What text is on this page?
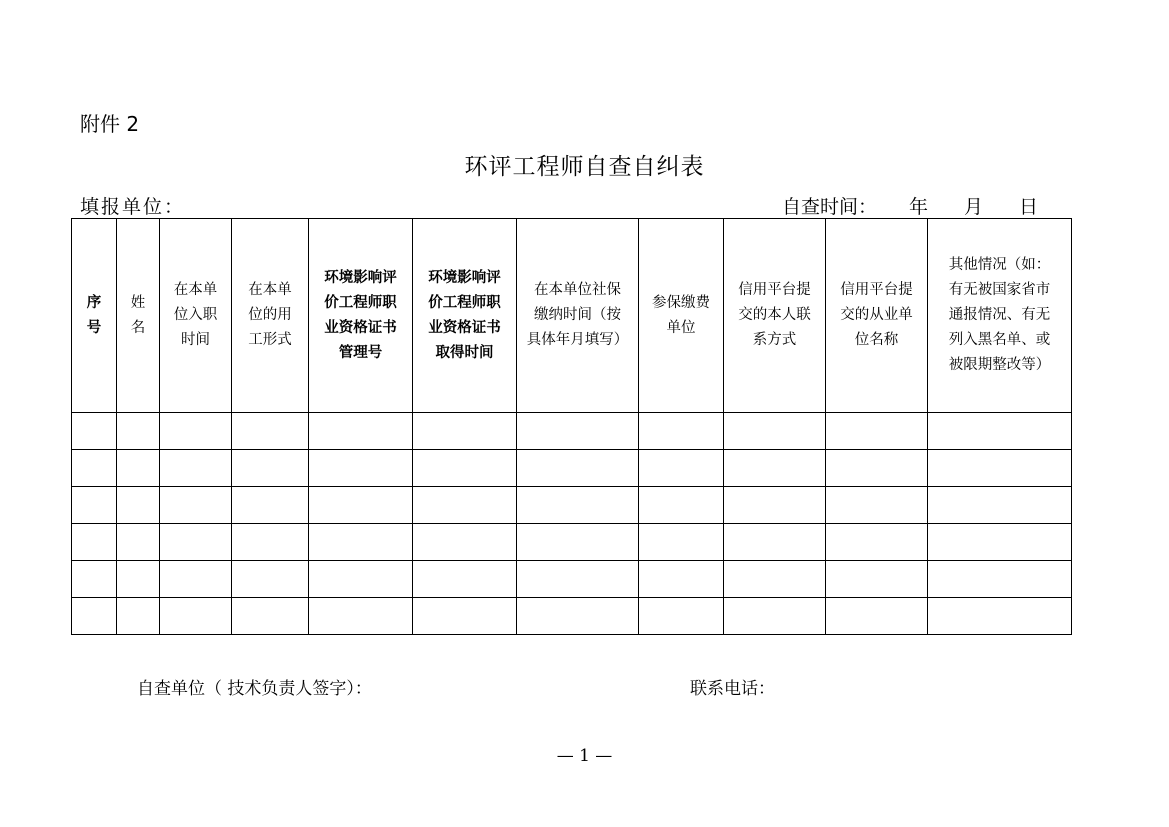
附件 2
环评工程师自查自纠表
填报单位：	自查时间： 年 月 日
序
号	姓
名	在本单
位入职
时间	在本单
位的用
工形式	环境影响评
价工程师职
业资格证书
管理号	环境影响评
价工程师职
业资格证书
取得时间	在本单位社保
缴纳时间（按
具体年月填写）	参保缴费
单位	信用平台提
交的本人联
系方式	信用平台提
交的从业单
位名称	其他情况（如：
有无被国家省市
通报情况、有无
列入黑名单、或
被限期整改等）

自查单位（ 技术负责人签字）：	联系电话：
— 1 —
